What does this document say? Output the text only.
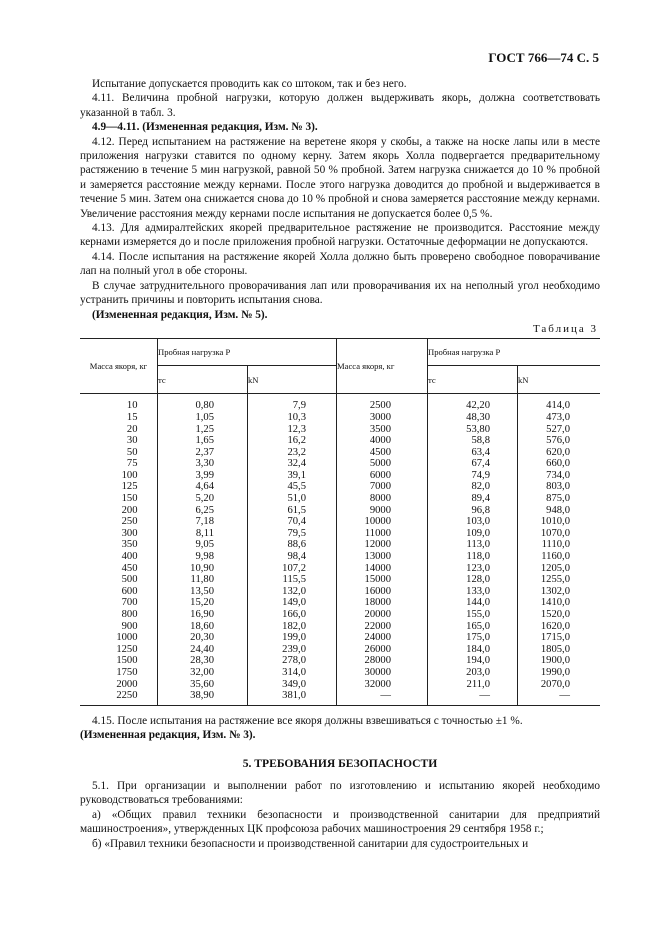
ГОСТ 766—74 С. 5

Испытание допускается проводить как со штоком, так и без него.

4.11. Величина пробной нагрузки, которую должен выдерживать якорь, должна соответствовать указанной в табл. 3.

4.9—4.11. (Измененная редакция, Изм. № 3).

4.12. Перед испытанием на растяжение на веретене якоря у скобы, а также на носке лапы или в месте приложения нагрузки ставится по одному керну. Затем якорь Холла подвергается предварительному растяжению в течение 5 мин нагрузкой, равной 50 % пробной. Затем нагрузка снижается до 10 % пробной и замеряется расстояние между кернами. После этого нагрузка доводится до пробной и выдерживается в течение 5 мин. Затем она снижается снова до 10 % пробной и снова замеряется расстояние между кернами. Увеличение расстояния между кернами после испытания не допускается более 0,5 %.

4.13. Для адмиралтейских якорей предварительное растяжение не производится. Расстояние между кернами измеряется до и после приложения пробной нагрузки. Остаточные деформации не допускаются.

4.14. После испытания на растяжение якорей Холла должно быть проверено свободное поворачивание лап на полный угол в обе стороны.

В случае затруднительного проворачивания лап или проворачивания их на неполный угол необходимо устранить причины и повторить испытания снова.

(Измененная редакция, Изм. № 5).

Таблица 3
Масса якоря, кг	Пробная нагрузка Р		Масса якоря, кг	Пробная нагрузка Р	
	тс	kN		тс	kN
10	0,80	7,9	2500	42,20	414,0
15	1,05	10,3	3000	48,30	473,0
20	1,25	12,3	3500	53,80	527,0
30	1,65	16,2	4000	58,8	576,0
50	2,37	23,2	4500	63,4	620,0
75	3,30	32,4	5000	67,4	660,0
100	3,99	39,1	6000	74,9	734,0
125	4,64	45,5	7000	82,0	803,0
150	5,20	51,0	8000	89,4	875,0
200	6,25	61,5	9000	96,8	948,0
250	7,18	70,4	10000	103,0	1010,0
300	8,11	79,5	11000	109,0	1070,0
350	9,05	88,6	12000	113,0	1110,0
400	9,98	98,4	13000	118,0	1160,0
450	10,90	107,2	14000	123,0	1205,0
500	11,80	115,5	15000	128,0	1255,0
600	13,50	132,0	16000	133,0	1302,0
700	15,20	149,0	18000	144,0	1410,0
800	16,90	166,0	20000	155,0	1520,0
900	18,60	182,0	22000	165,0	1620,0
1000	20,30	199,0	24000	175,0	1715,0
1250	24,40	239,0	26000	184,0	1805,0
1500	28,30	278,0	28000	194,0	1900,0
1750	32,00	314,0	30000	203,0	1990,0
2000	35,60	349,0	32000	211,0	2070,0
2250	38,90	381,0	—	—	—

4.15. После испытания на растяжение все якоря должны взвешиваться с точностью ±1 %.

(Измененная редакция, Изм. № 3).

5. ТРЕБОВАНИЯ БЕЗОПАСНОСТИ

5.1. При организации и выполнении работ по изготовлению и испытанию якорей необходимо руководствоваться требованиями:

а) «Общих правил техники безопасности и производственной санитарии для предприятий машиностроения», утвержденных ЦК профсоюза рабочих машиностроения 29 сентября 1958 г.;

б) «Правил техники безопасности и производственной санитарии для судостроительных и
